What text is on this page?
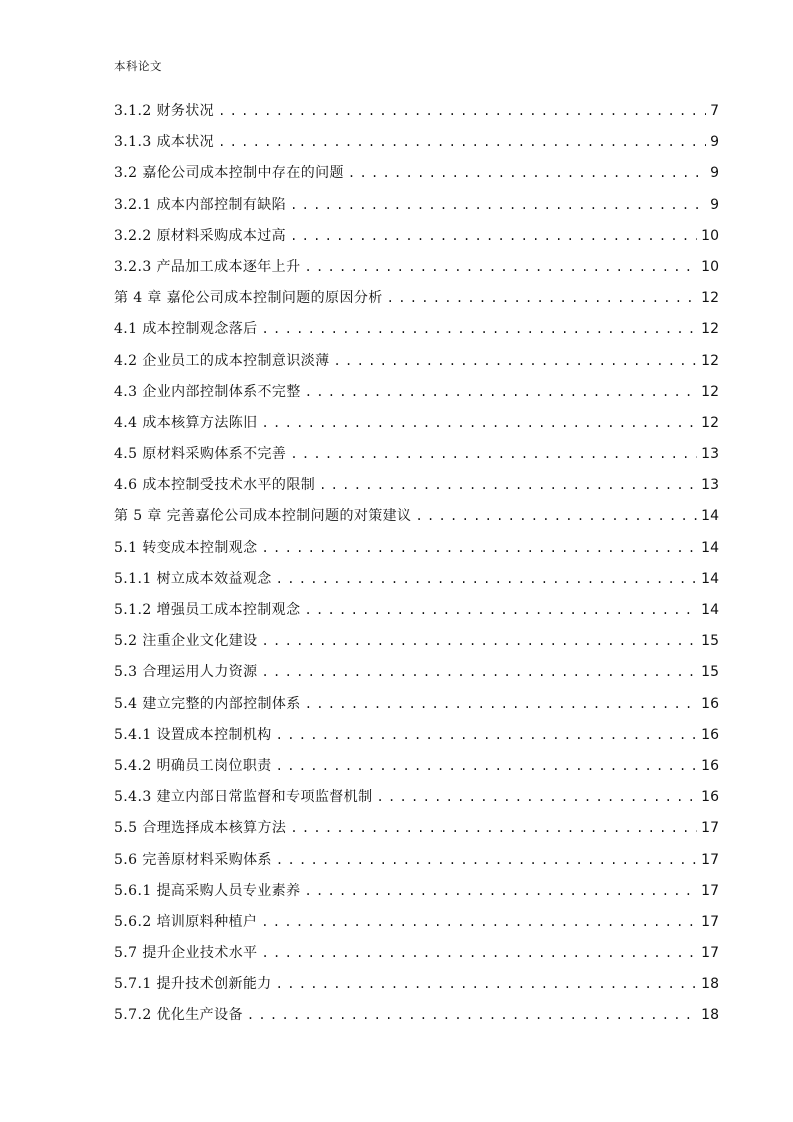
本科论文
3.1.2 财务状况 .....	7
3.1.3 成本状况 .....	9
3.2 嘉伦公司成本控制中存在的问题 .....	9
3.2.1 成本内部控制有缺陷 .....	9
3.2.2 原材料采购成本过高 .....	10
3.2.3 产品加工成本逐年上升 .....	10
第 4 章 嘉伦公司成本控制问题的原因分析 .....	12
4.1 成本控制观念落后 .....	12
4.2 企业员工的成本控制意识淡薄 .....	12
4.3 企业内部控制体系不完整 .....	12
4.4 成本核算方法陈旧 .....	12
4.5 原材料采购体系不完善 .....	13
4.6 成本控制受技术水平的限制 .....	13
第 5 章 完善嘉伦公司成本控制问题的对策建议 .....	14
5.1 转变成本控制观念 .....	14
5.1.1 树立成本效益观念 .....	14
5.1.2 增强员工成本控制观念 .....	14
5.2 注重企业文化建设 .....	15
5.3 合理运用人力资源 .....	15
5.4 建立完整的内部控制体系 .....	16
5.4.1 设置成本控制机构 .....	16
5.4.2 明确员工岗位职责 .....	16
5.4.3 建立内部日常监督和专项监督机制 .....	16
5.5 合理选择成本核算方法 .....	17
5.6 完善原材料采购体系 .....	17
5.6.1 提高采购人员专业素养 .....	17
5.6.2 培训原料种植户 .....	17
5.7 提升企业技术水平 .....	17
5.7.1 提升技术创新能力 .....	18
5.7.2 优化生产设备 .....	18
